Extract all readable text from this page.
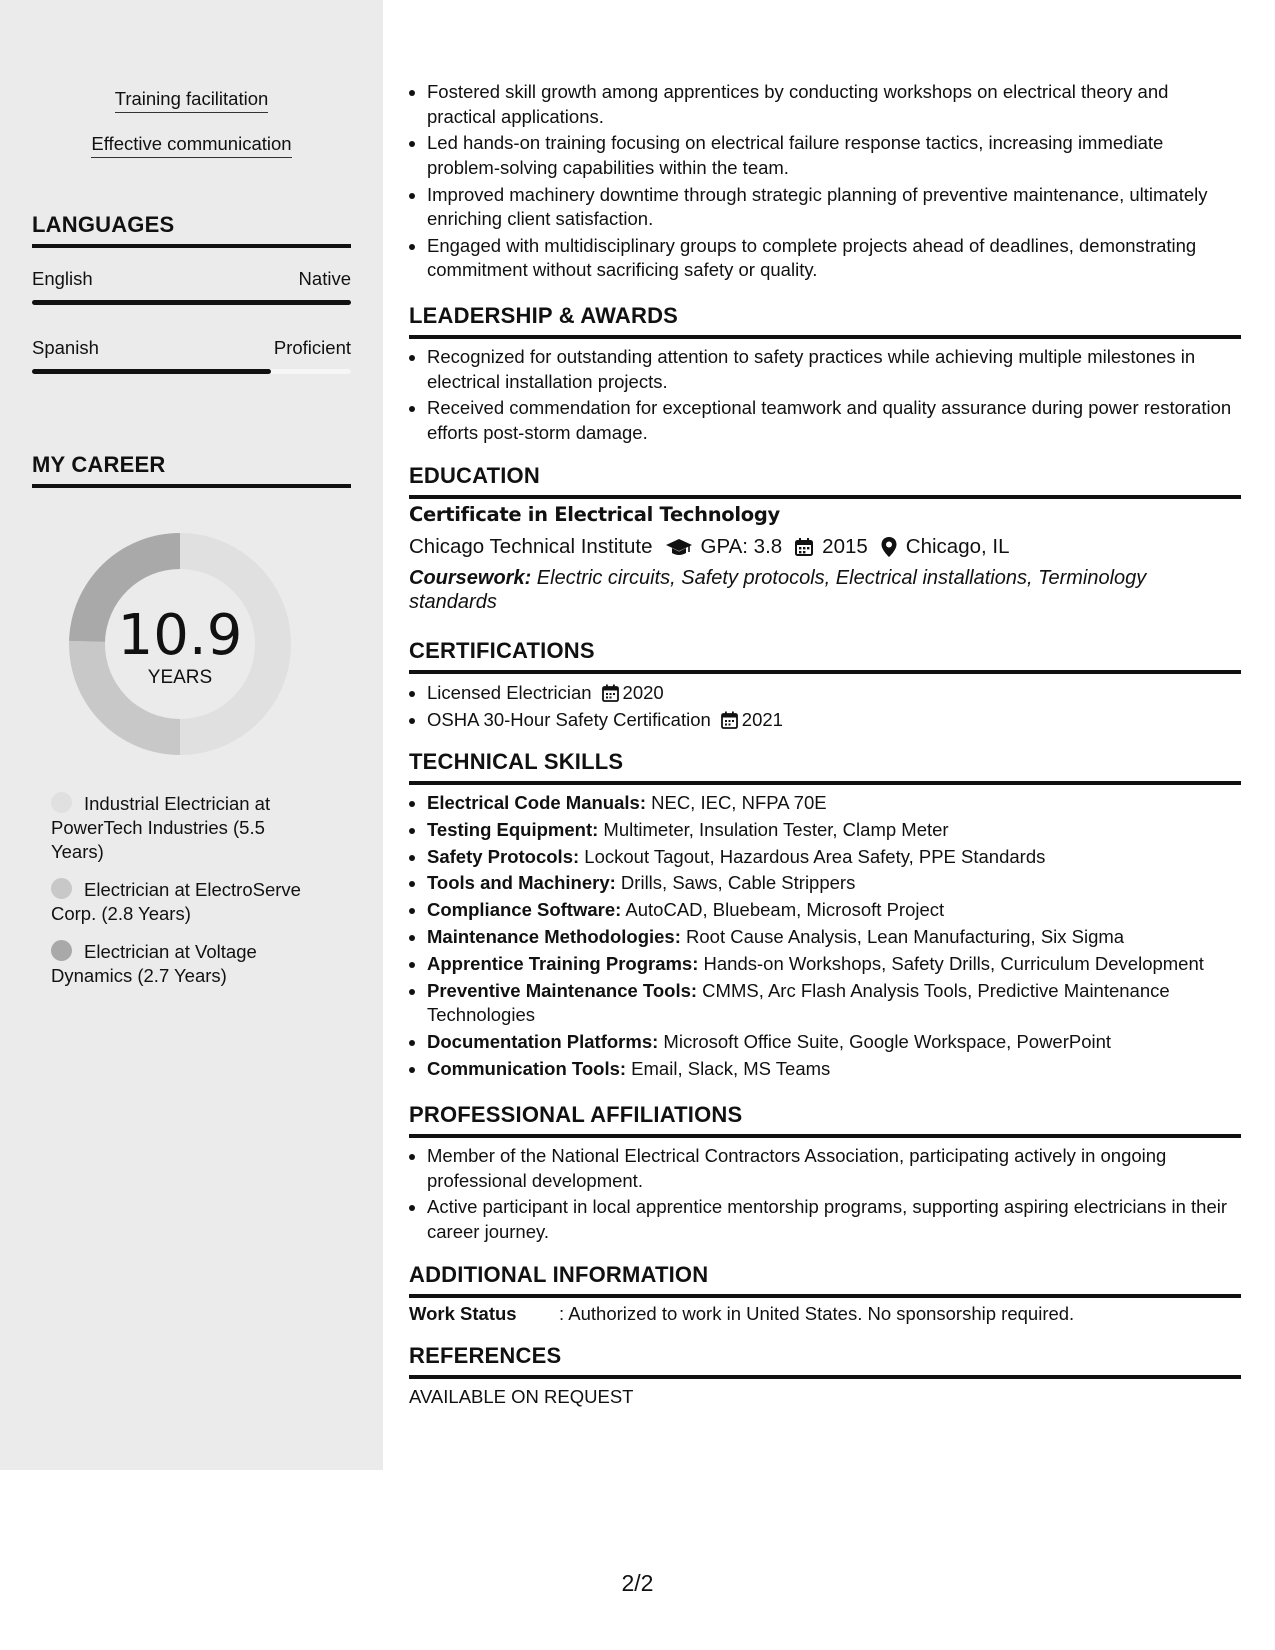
Training facilitation
Effective communication
LANGUAGES
English	Native
Spanish	Proficient
MY CAREER
10.9
YEARS
Industrial Electrician at PowerTech Industries (5.5 Years)
Electrician at ElectroServe Corp. (2.8 Years)
Electrician at Voltage Dynamics (2.7 Years)
• Fostered skill growth among apprentices by conducting workshops on electrical theory and practical applications.
• Led hands-on training focusing on electrical failure response tactics, increasing immediate problem-solving capabilities within the team.
• Improved machinery downtime through strategic planning of preventive maintenance, ultimately enriching client satisfaction.
• Engaged with multidisciplinary groups to complete projects ahead of deadlines, demonstrating commitment without sacrificing safety or quality.
LEADERSHIP & AWARDS
• Recognized for outstanding attention to safety practices while achieving multiple milestones in electrical installation projects.
• Received commendation for exceptional teamwork and quality assurance during power restoration efforts post-storm damage.
EDUCATION
Certificate in Electrical Technology
Chicago Technical Institute GPA: 3.8 2015 Chicago, IL
Coursework: Electric circuits, Safety protocols, Electrical installations, Terminology standards
CERTIFICATIONS
• Licensed Electrician 2020
• OSHA 30-Hour Safety Certification 2021
TECHNICAL SKILLS
• Electrical Code Manuals: NEC, IEC, NFPA 70E
• Testing Equipment: Multimeter, Insulation Tester, Clamp Meter
• Safety Protocols: Lockout Tagout, Hazardous Area Safety, PPE Standards
• Tools and Machinery: Drills, Saws, Cable Strippers
• Compliance Software: AutoCAD, Bluebeam, Microsoft Project
• Maintenance Methodologies: Root Cause Analysis, Lean Manufacturing, Six Sigma
• Apprentice Training Programs: Hands-on Workshops, Safety Drills, Curriculum Development
• Preventive Maintenance Tools: CMMS, Arc Flash Analysis Tools, Predictive Maintenance Technologies
• Documentation Platforms: Microsoft Office Suite, Google Workspace, PowerPoint
• Communication Tools: Email, Slack, MS Teams
PROFESSIONAL AFFILIATIONS
• Member of the National Electrical Contractors Association, participating actively in ongoing professional development.
• Active participant in local apprentice mentorship programs, supporting aspiring electricians in their career journey.
ADDITIONAL INFORMATION
Work Status : Authorized to work in United States. No sponsorship required.
REFERENCES
AVAILABLE ON REQUEST
2/2
